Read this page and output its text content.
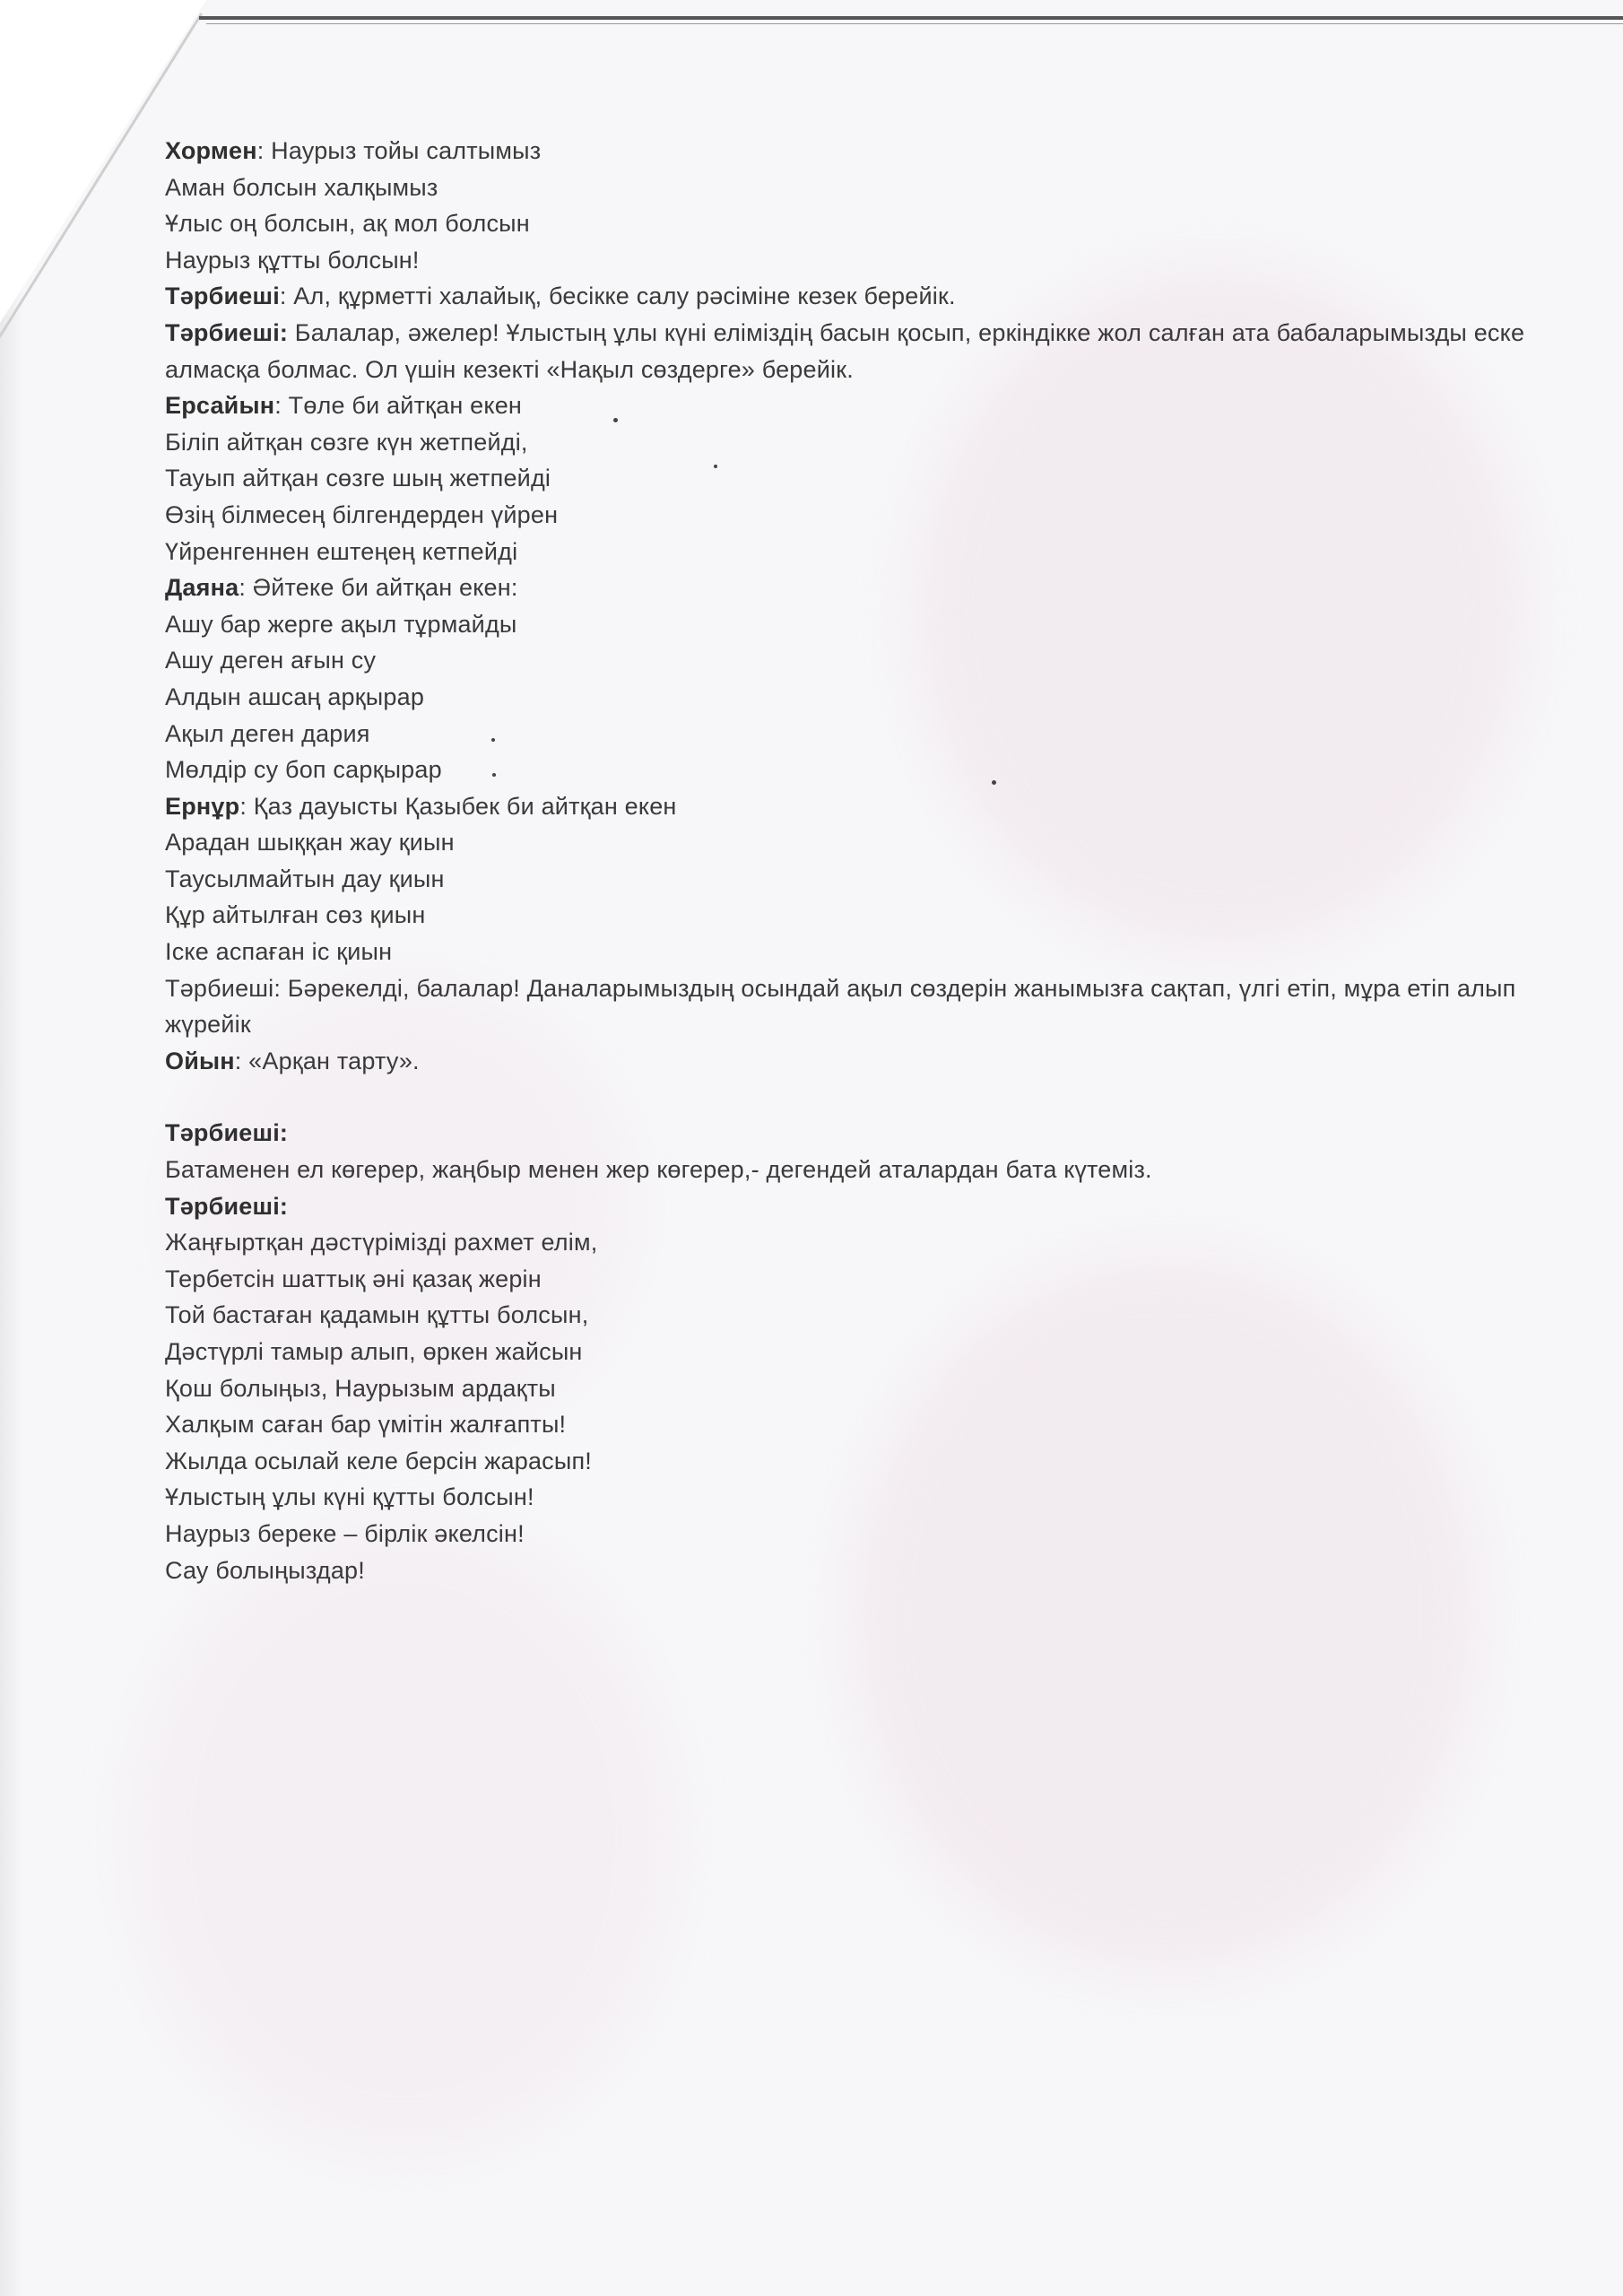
Хормен: Наурыз тойы салтымыз
Аман болсын халқымыз
Ұлыс оң болсын, ақ мол болсын
Наурыз құтты болсын!
Тәрбиеші: Ал, құрметті халайық, бесікке салу рәсіміне кезек берейік.
Тәрбиеші: Балалар, әжелер! Ұлыстың ұлы күні еліміздің басын қосып, еркіндікке жол салған ата бабаларымызды еске алмасқа болмас. Ол үшін кезекті «Нақыл сөздерге» берейік.
Ерсайын: Төле би айтқан екен
Біліп айтқан сөзге күн жетпейді,
Тауып айтқан сөзге шың жетпейді
Өзің білмесең білгендерден үйрен
Үйренгеннен ештеңең кетпейді
Даяна: Әйтеке би айтқан екен:
Ашу бар жерге ақыл тұрмайды
Ашу деген ағын су
Алдын ашсаң арқырар
Ақыл деген дария
Мөлдір су боп сарқырар
Ернұр: Қаз дауысты Қазыбек би айтқан екен
Арадан шыққан жау қиын
Таусылмайтын дау қиын
Құр айтылған сөз қиын
Іске аспаған іс қиын
Тәрбиеші: Бәрекелді, балалар! Даналарымыздың осындай ақыл сөздерін жанымызға сақтап, үлгі етіп, мұра етіп алып жүрейік
Ойын: «Арқан тарту».
Тәрбиеші:
Батаменен ел көгерер, жаңбыр менен жер көгерер,- дегендей аталардан бата күтеміз.
Тәрбиеші:
Жаңғыртқан дәстүрімізді рахмет елім,
Тербетсін шаттық әні қазақ жерін
Той бастаған қадамын құтты болсын,
Дәстүрлі тамыр алып, өркен жайсын
Қош болыңыз, Наурызым ардақты
Халқым саған бар үмітін жалғапты!
Жылда осылай келе берсін жарасып!
Ұлыстың ұлы күні құтты болсын!
Наурыз береке – бірлік әкелсін!
Сау болыңыздар!
